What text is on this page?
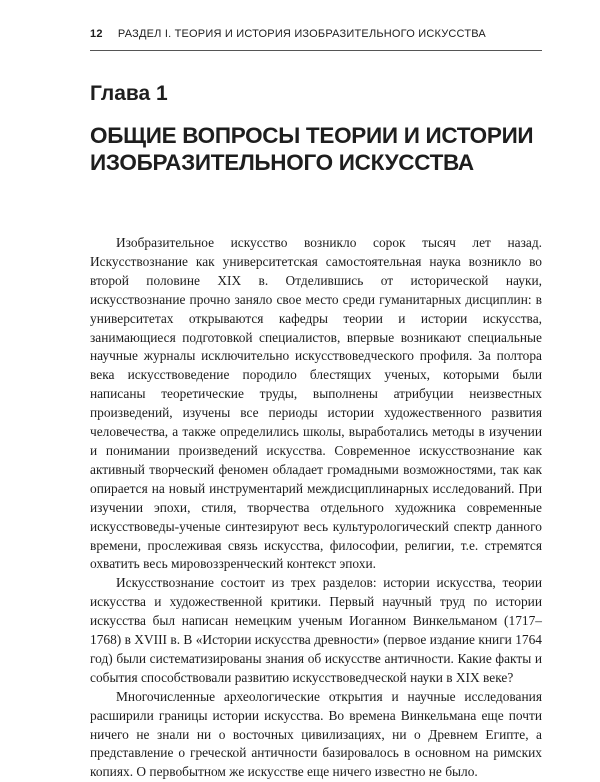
12 РАЗДЕЛ I. ТЕОРИЯ И ИСТОРИЯ ИЗОБРАЗИТЕЛЬНОГО ИСКУССТВА
Глава 1
ОБЩИЕ ВОПРОСЫ ТЕОРИИ И ИСТОРИИ
ИЗОБРАЗИТЕЛЬНОГО ИСКУССТВА

Изобразительное искусство возникло сорок тысяч лет назад. Искусствознание как университетская самостоятельная наука возникло во второй половине XIX в. Отделившись от исторической науки, искусствознание прочно заняло свое место среди гуманитарных дисциплин: в университетах открываются кафедры теории и истории искусства, занимающиеся подготовкой специалистов, впервые возникают специальные научные журналы исключительно искусствоведческого профиля. За полтора века искусствоведение породило блестящих ученых, которыми были написаны теоретические труды, выполнены атрибуции неизвестных произведений, изучены все периоды истории художественного развития человечества, а также определились школы, выработались методы в изучении и понимании произведений искусства. Современное искусствознание как активный творческий феномен обладает громадными возможностями, так как опирается на новый инструментарий междисциплинарных исследований. При изучении эпохи, стиля, творчества отдельного художника современные искусствоведы-ученые синтезируют весь культурологический спектр данного времени, прослеживая связь искусства, философии, религии, т.е. стремятся охватить весь мировоззренческий контекст эпохи.

Искусствознание состоит из трех разделов: истории искусства, теории искусства и художественной критики. Первый научный труд по истории искусства был написан немецким ученым Иоганном Винкельманом (1717–1768) в XVIII в. В «Истории искусства древности» (первое издание книги 1764 год) были систематизированы знания об искусстве античности. Какие факты и события способствовали развитию искусствоведческой науки в XIX веке?

Многочисленные археологические открытия и научные исследования расширили границы истории искусства. Во времена Винкельмана еще почти ничего не знали ни о восточных цивилизациях, ни о Древнем Египте, а представление о греческой античности базировалось в основном на римских копиях. О первобытном же искусстве еще ничего известно не было.
